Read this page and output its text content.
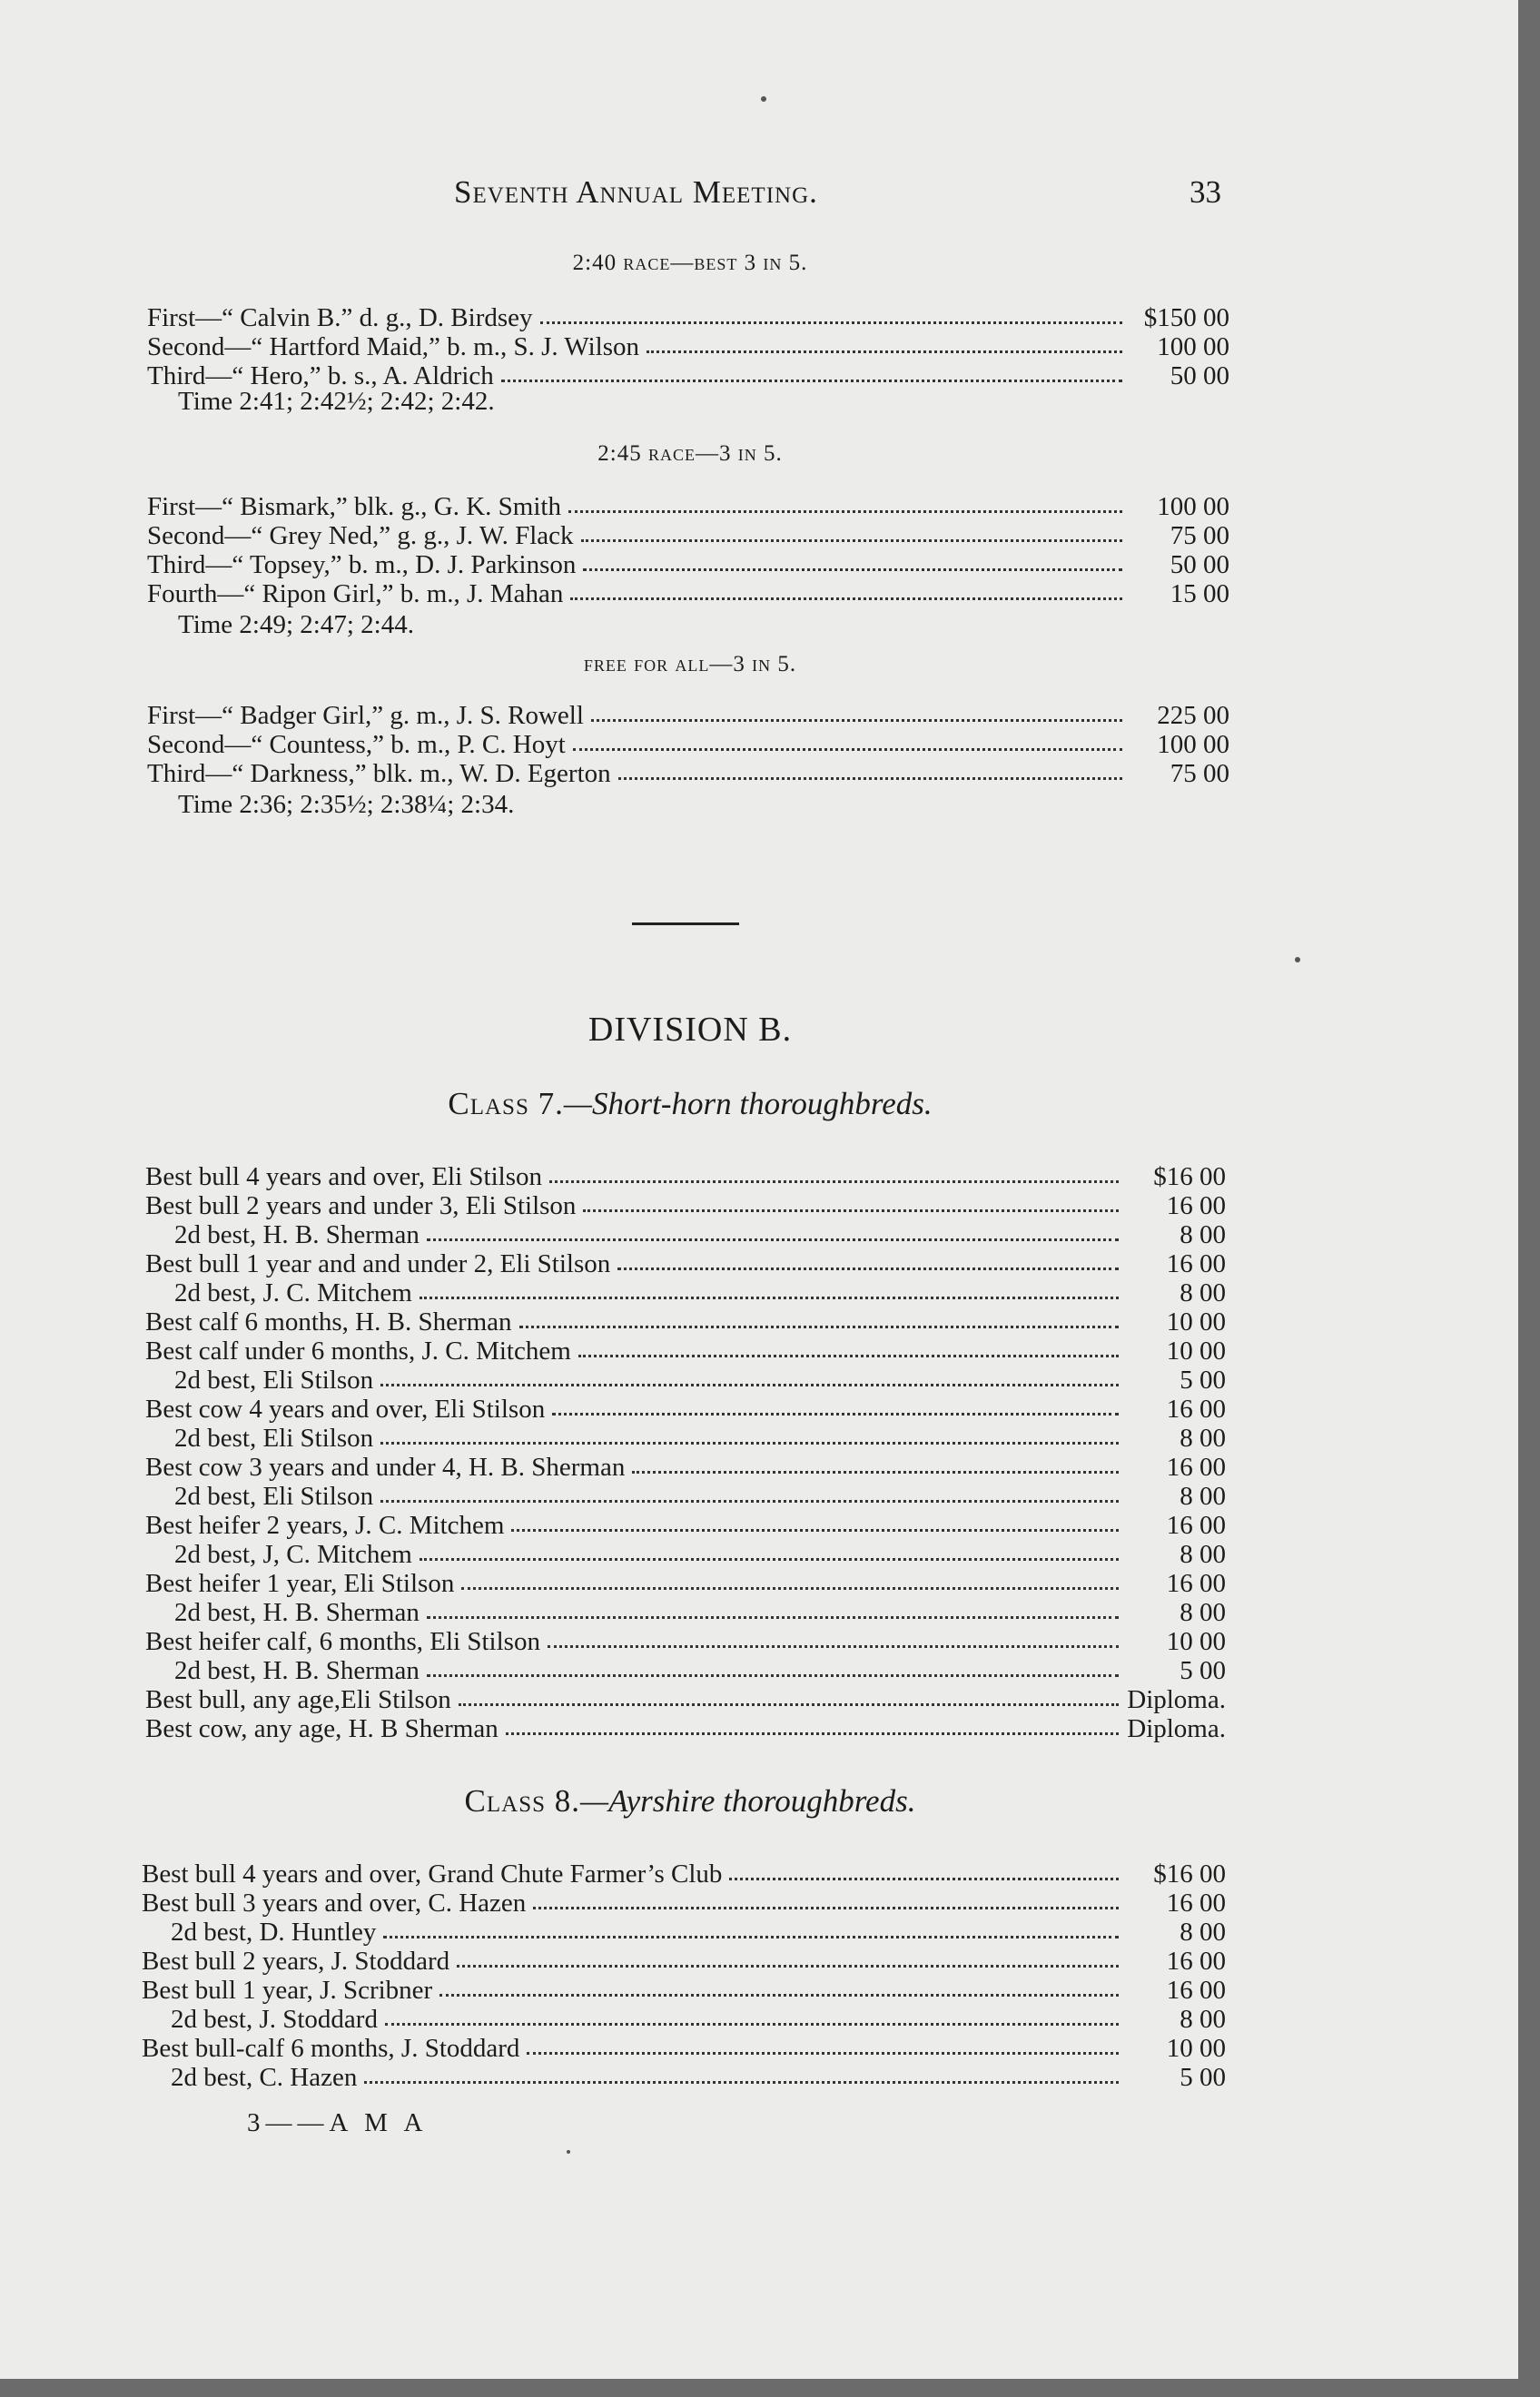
Seventh Annual Meeting.	33
2:40 race—best 3 in 5.
First—“ Calvin B.” d. g., D. Birdsey	$150 00
Second—“ Hartford Maid,” b. m., S. J. Wilson	100 00
Third—“ Hero,” b. s., A. Aldrich	50 00
Time 2:41; 2:42½; 2:42; 2:42.
2:45 race—3 in 5.
First—“ Bismark,” blk. g., G. K. Smith	100 00
Second—“ Grey Ned,” g. g., J. W. Flack	75 00
Third—“ Topsey,” b. m., D. J. Parkinson	50 00
Fourth—“ Ripon Girl,” b. m., J. Mahan	15 00
Time 2:49; 2:47; 2:44.
free for all—3 in 5.
First—“ Badger Girl,” g. m., J. S. Rowell	225 00
Second—“ Countess,” b. m., P. C. Hoyt	100 00
Third—“ Darkness,” blk. m., W. D. Egerton	75 00
Time 2:36; 2:35½; 2:38¼; 2:34.
DIVISION B.
Class 7.—Short-horn thoroughbreds.
Best bull 4 years and over, Eli Stilson	$16 00
Best bull 2 years and under 3, Eli Stilson	16 00
2d best, H. B. Sherman	8 00
Best bull 1 year and and under 2, Eli Stilson	16 00
2d best, J. C. Mitchem	8 00
Best calf 6 months, H. B. Sherman	10 00
Best calf under 6 months, J. C. Mitchem	10 00
2d best, Eli Stilson	5 00
Best cow 4 years and over, Eli Stilson	16 00
2d best, Eli Stilson	8 00
Best cow 3 years and under 4, H. B. Sherman	16 00
2d best, Eli Stilson	8 00
Best heifer 2 years, J. C. Mitchem	16 00
2d best, J, C. Mitchem	8 00
Best heifer 1 year, Eli Stilson	16 00
2d best, H. B. Sherman	8 00
Best heifer calf, 6 months, Eli Stilson	10 00
2d best, H. B. Sherman	5 00
Best bull, any age,Eli Stilson	Diploma.
Best cow, any age, H. B Sherman	Diploma.
Class 8.—Ayrshire thoroughbreds.
Best bull 4 years and over, Grand Chute Farmer’s Club	$16 00
Best bull 3 years and over, C. Hazen	16 00
2d best, D. Huntley	8 00
Best bull 2 years, J. Stoddard	16 00
Best bull 1 year, J. Scribner	16 00
2d best, J. Stoddard	8 00
Best bull-calf 6 months, J. Stoddard	10 00
2d best, C. Hazen	5 00
3——A M A
